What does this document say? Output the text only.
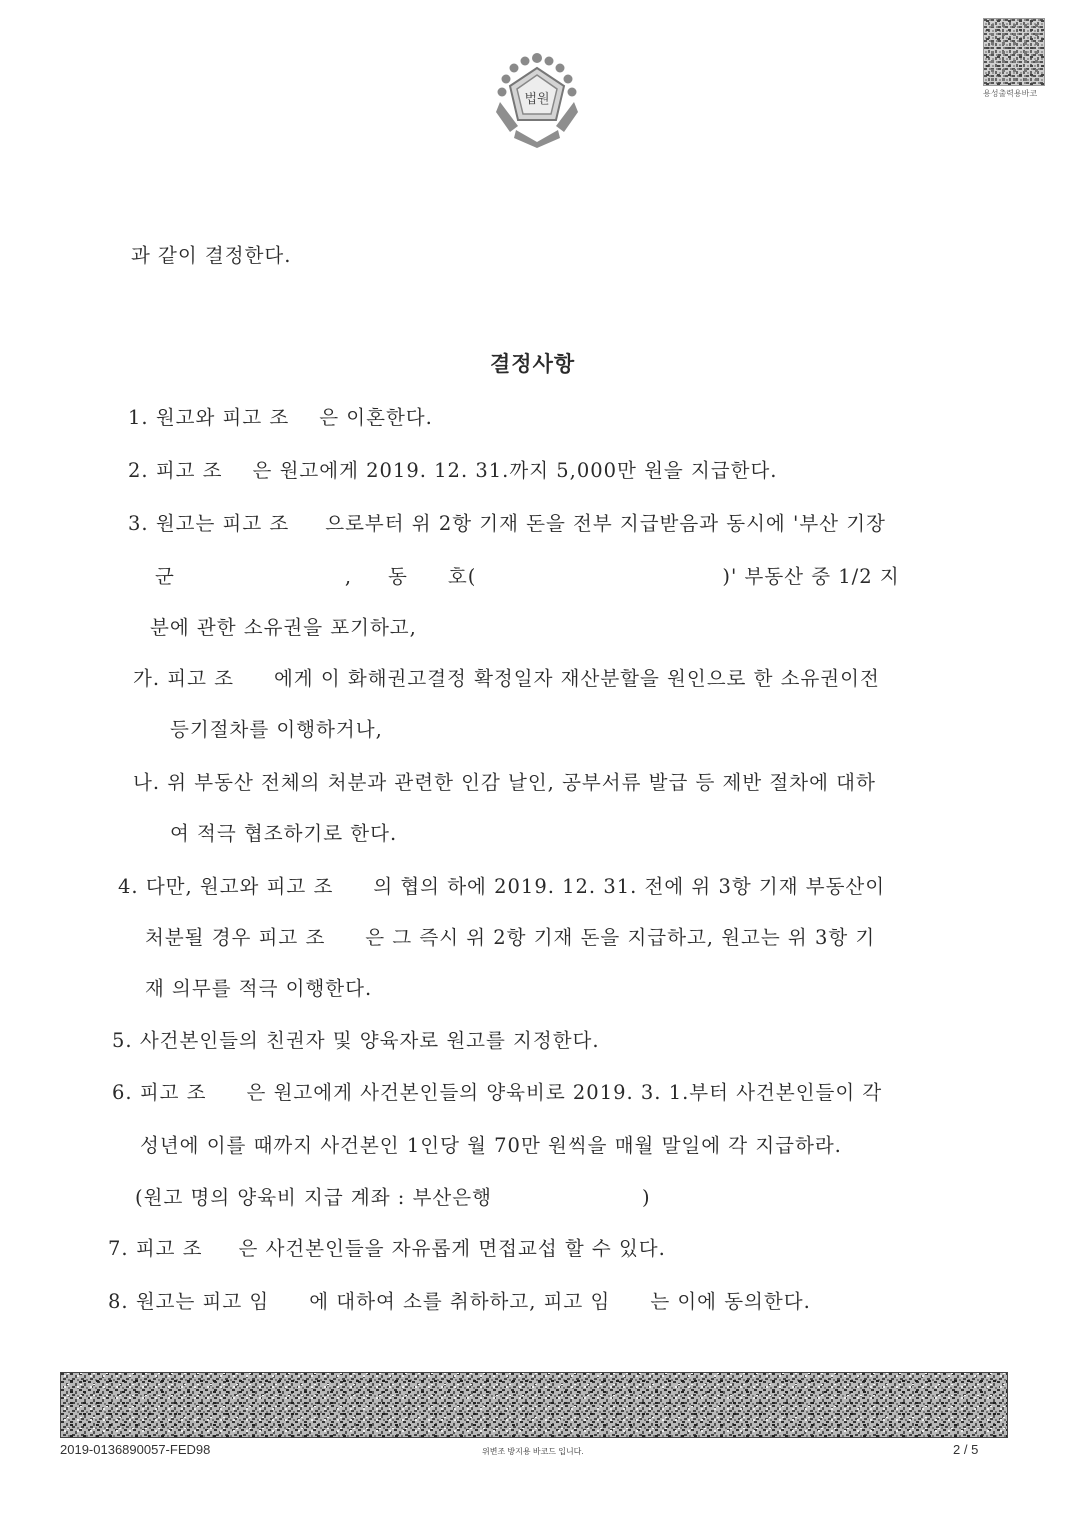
법원	용성출력용바코
과 같이 결정한다.
결정사항
1. 원고와 피고 조 은 이혼한다.
2. 피고 조 은 원고에게 2019. 12. 31.까지 5,000만 원을 지급한다.
3. 원고는 피고 조 으로부터 위 2항 기재 돈을 전부 지급받음과 동시에 '부산 기장
군	, 동 호(	)' 부동산 중 1/2 지
분에 관한 소유권을 포기하고,
가. 피고 조 에게 이 화해권고결정 확정일자 재산분할을 원인으로 한 소유권이전
등기절차를 이행하거나,
나. 위 부동산 전체의 처분과 관련한 인감 날인, 공부서류 발급 등 제반 절차에 대하
여 적극 협조하기로 한다.
4. 다만, 원고와 피고 조 의 협의 하에 2019. 12. 31. 전에 위 3항 기재 부동산이
처분될 경우 피고 조 은 그 즉시 위 2항 기재 돈을 지급하고, 원고는 위 3항 기
재 의무를 적극 이행한다.
5. 사건본인들의 친권자 및 양육자로 원고를 지정한다.
6. 피고 조 은 원고에게 사건본인들의 양육비로 2019. 3. 1.부터 사건본인들이 각
성년에 이를 때까지 사건본인 1인당 월 70만 원씩을 매월 말일에 각 지급하라.
(원고 명의 양육비 지급 계좌 : 부산은행	)
7. 피고 조 은 사건본인들을 자유롭게 면접교섭 할 수 있다.
8. 원고는 피고 임 에 대하여 소를 취하하고, 피고 임 는 이에 동의한다.
2019-0136890057-FED98	위변조 방지용 바코드 입니다.	2 / 5
